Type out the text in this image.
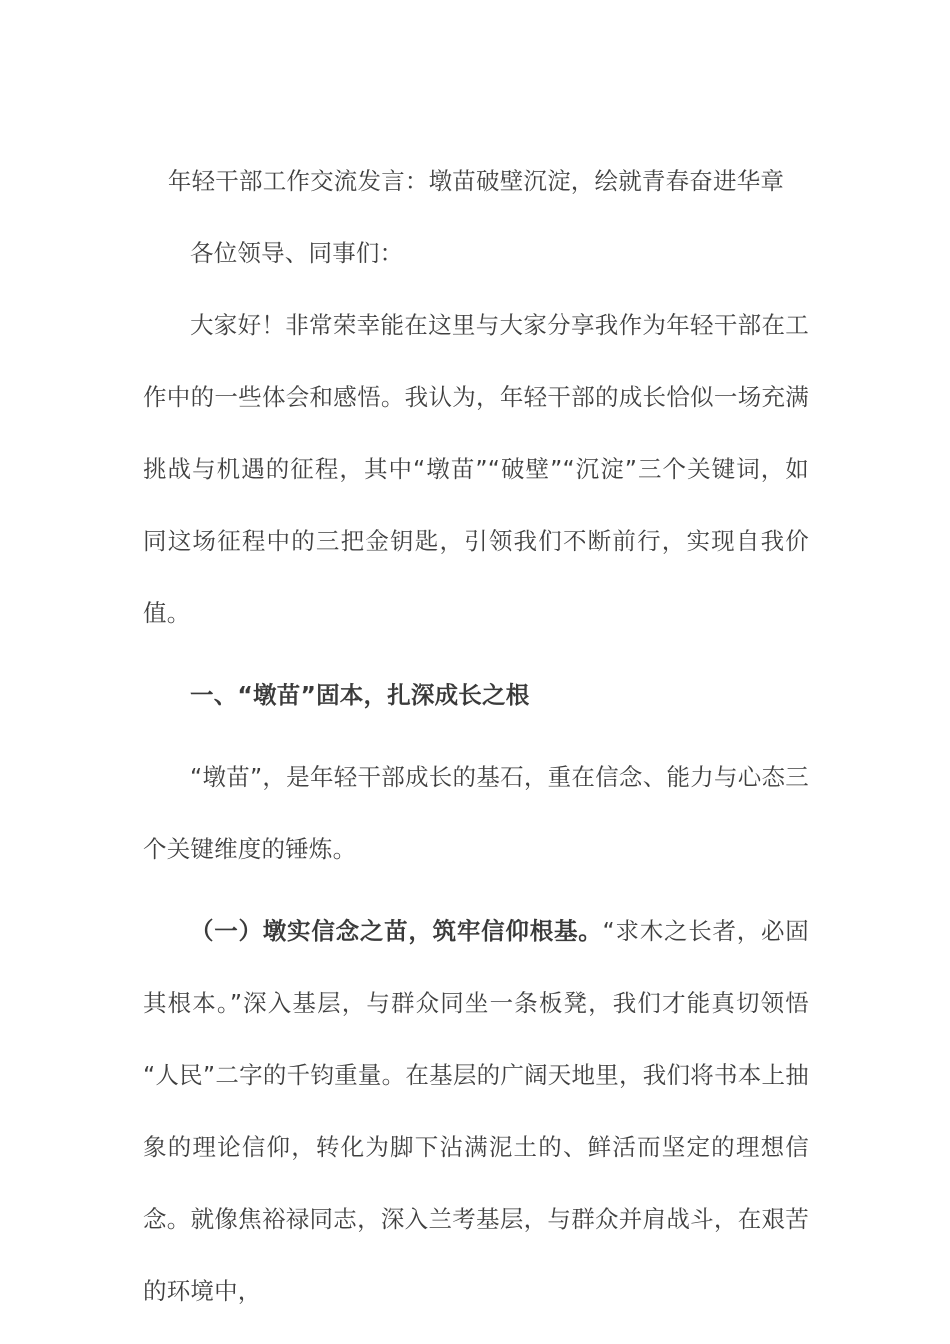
年轻干部工作交流发言：墩苗破壁沉淀，绘就青春奋进华章

各位领导、同事们：

大家好！非常荣幸能在这里与大家分享我作为年轻干部在工作中的一些体会和感悟。我认为，年轻干部的成长恰似一场充满挑战与机遇的征程，其中“墩苗”“破壁”“沉淀”三个关键词，如同这场征程中的三把金钥匙，引领我们不断前行，实现自我价值。

一、“墩苗”固本，扎深成长之根

“墩苗”，是年轻干部成长的基石，重在信念、能力与心态三个关键维度的锤炼。

（一）墩实信念之苗，筑牢信仰根基。“求木之长者，必固其根本。”深入基层，与群众同坐一条板凳，我们才能真切领悟“人民”二字的千钧重量。在基层的广阔天地里，我们将书本上抽象的理论信仰，转化为脚下沾满泥土的、鲜活而坚定的理想信念。就像焦裕禄同志，深入兰考基层，与群众并肩战斗，在艰苦的环境中，
